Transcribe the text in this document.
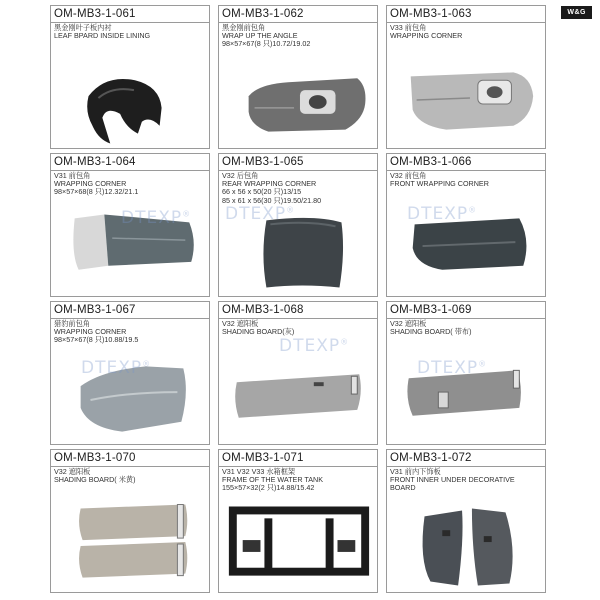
W&G
OM-MB3-1-061
黑金刚叶子板内衬
LEAF BPARD INSIDE LINING
OM-MB3-1-062
黑金刚前包角
WRAP UP THE ANGLE
98×57×67(8 只)10.72/19.02
OM-MB3-1-063
V33 前包角
WRAPPING CORNER
OM-MB3-1-064
V31 前包角
WRAPPING CORNER
98×57×68(8 只)12.32/21.1
DTEXP®
OM-MB3-1-065
V32 后包角
REAR WRAPPING CORNER
66 x 56 x 50(20 只)13/15
85 x 61 x 56(30 只)19.50/21.80
DTEXP®
OM-MB3-1-066
V32 前包角
FRONT WRAPPING CORNER
DTEXP®
OM-MB3-1-067
猎豹前包角
WRAPPING CORNER
98×57×67(8 只)10.88/19.5
DTEXP®
OM-MB3-1-068
V32 遮阳板
SHADING BOARD(灰)
DTEXP®
OM-MB3-1-069
V32 遮阳板
SHADING BOARD( 带布)
DTEXP®
OM-MB3-1-070
V32 遮阳板
SHADING BOARD( 米黄)
OM-MB3-1-071
V31 V32 V33 水箱框架
FRAME OF THE WATER TANK
155×57×32(2 只)14.88/15.42
OM-MB3-1-072
V31 前内下饰板
FRONT INNER UNDER DECORATIVE
BOARD
